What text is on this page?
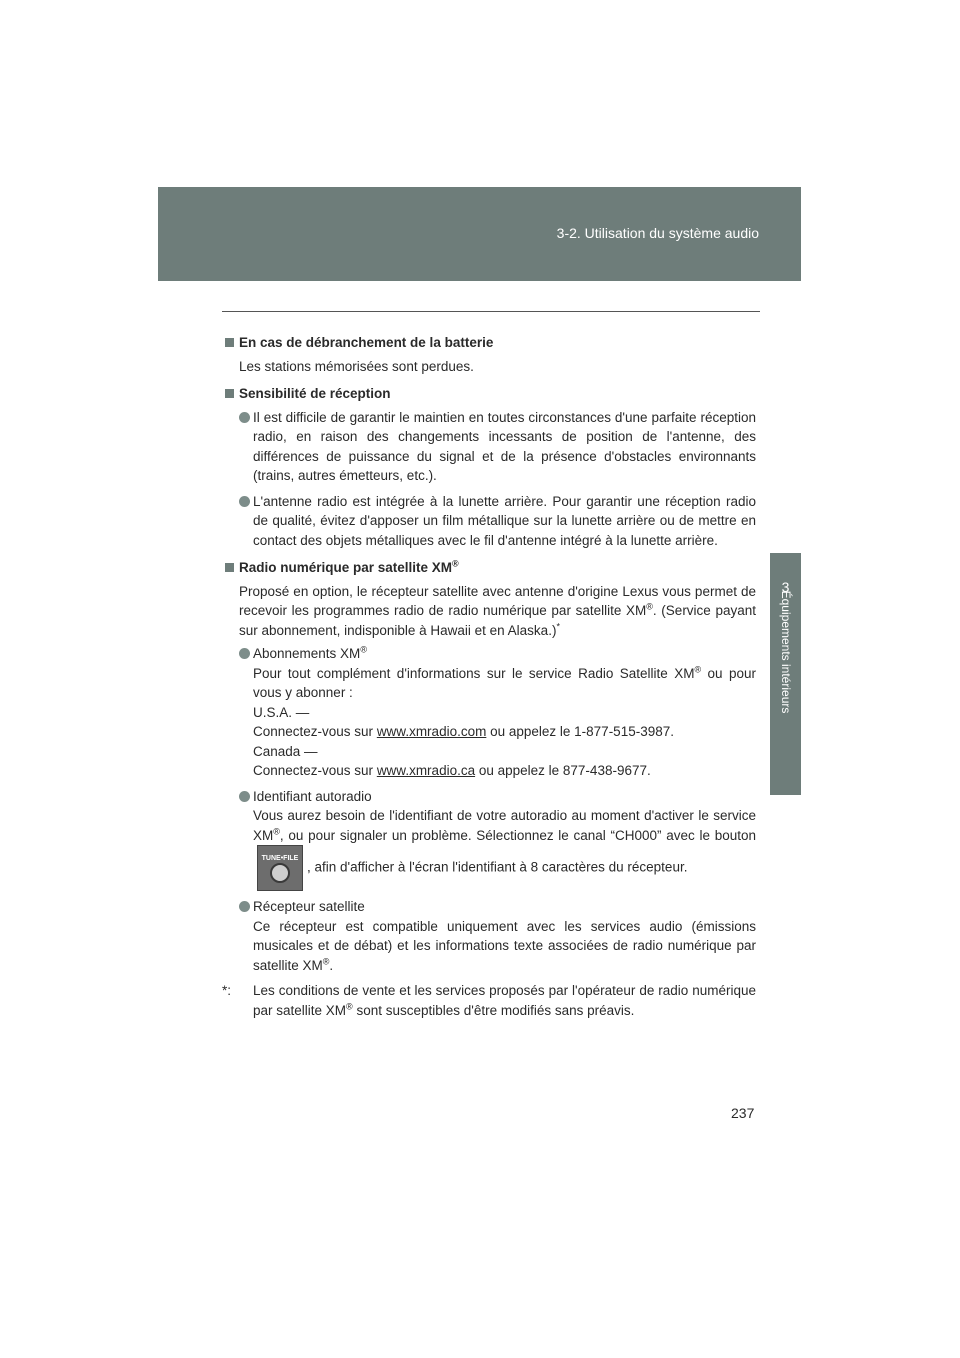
3-2. Utilisation du système audio
3
Équipements intérieurs
En cas de débranchement de la batterie
Les stations mémorisées sont perdues.
Sensibilité de réception
Il est difficile de garantir le maintien en toutes circonstances d'une parfaite réception radio, en raison des changements incessants de position de l'antenne, des différences de puissance du signal et de la présence d'obstacles environnants (trains, autres émetteurs, etc.).
L'antenne radio est intégrée à la lunette arrière. Pour garantir une réception radio de qualité, évitez d'apposer un film métallique sur la lunette arrière ou de mettre en contact des objets métalliques avec le fil d'antenne intégré à la lunette arrière.
Radio numérique par satellite XM®
Proposé en option, le récepteur satellite avec antenne d'origine Lexus vous permet de recevoir les programmes radio de radio numérique par satellite XM®. (Service payant sur abonnement, indisponible à Hawaii et en Alaska.)*
Abonnements XM®
Pour tout complément d'informations sur le service Radio Satellite XM® ou pour vous y abonner :
U.S.A. —
Connectez-vous sur www.xmradio.com ou appelez le 1-877-515-3987.
Canada —
Connectez-vous sur www.xmradio.ca ou appelez le 877-438-9677.
Identifiant autoradio
Vous aurez besoin de l'identifiant de votre autoradio au moment d'activer le service XM®, ou pour signaler un problème. Sélectionnez le canal “CH000” avec le bouton
TUNE•FILE
, afin d'afficher à l'écran l'identifiant à 8 caractères du récepteur.
Récepteur satellite
Ce récepteur est compatible uniquement avec les services audio (émissions musicales et de débat) et les informations texte associées de radio numérique par satellite XM®.
*: Les conditions de vente et les services proposés par l'opérateur de radio numérique par satellite XM® sont susceptibles d'être modifiés sans préavis.
237
